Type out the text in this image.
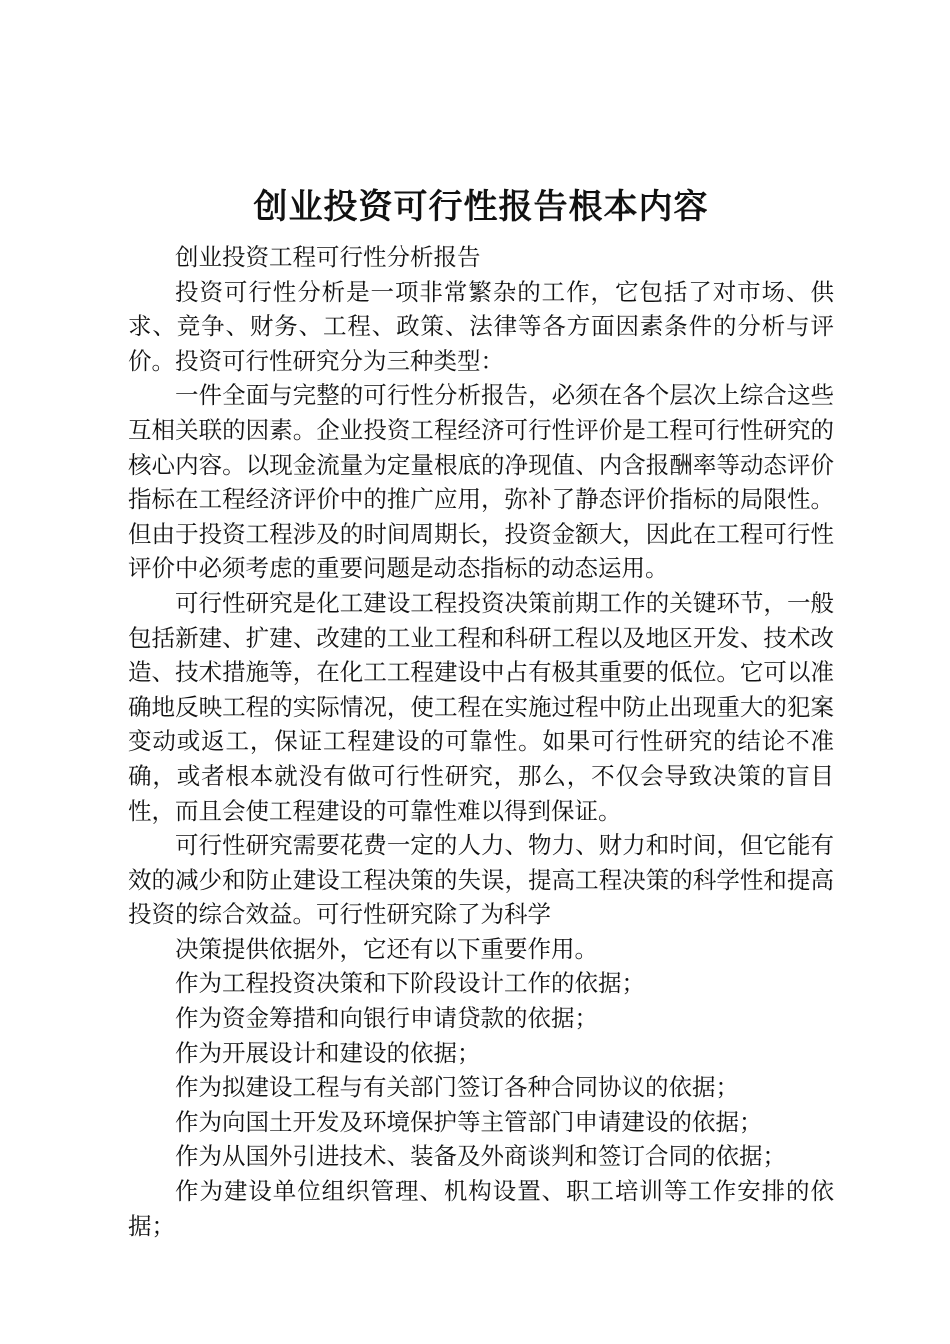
创业投资可行性报告根本内容

创业投资工程可行性分析报告

投资可行性分析是一项非常繁杂的工作，它包括了对市场、供求、竞争、财务、工程、政策、法律等各方面因素条件的分析与评价。投资可行性研究分为三种类型：

一件全面与完整的可行性分析报告，必须在各个层次上综合这些互相关联的因素。企业投资工程经济可行性评价是工程可行性研究的核心内容。以现金流量为定量根底的净现值、内含报酬率等动态评价指标在工程经济评价中的推广应用，弥补了静态评价指标的局限性。但由于投资工程涉及的时间周期长，投资金额大，因此在工程可行性评价中必须考虑的重要问题是动态指标的动态运用。

可行性研究是化工建设工程投资决策前期工作的关键环节，一般包括新建、扩建、改建的工业工程和科研工程以及地区开发、技术改造、技术措施等，在化工工程建设中占有极其重要的低位。它可以准确地反映工程的实际情况，使工程在实施过程中防止出现重大的犯案变动或返工，保证工程建设的可靠性。如果可行性研究的结论不准确，或者根本就没有做可行性研究，那么，不仅会导致决策的盲目性，而且会使工程建设的可靠性难以得到保证。

可行性研究需要花费一定的人力、物力、财力和时间，但它能有效的减少和防止建设工程决策的失误，提高工程决策的科学性和提高投资的综合效益。可行性研究除了为科学

决策提供依据外，它还有以下重要作用。

作为工程投资决策和下阶段设计工作的依据；

作为资金筹措和向银行申请贷款的依据；

作为开展设计和建设的依据；

作为拟建设工程与有关部门签订各种合同协议的依据；

作为向国土开发及环境保护等主管部门申请建设的依据；

作为从国外引进技术、装备及外商谈判和签订合同的依据；

作为建设单位组织管理、机构设置、职工培训等工作安排的依据；
